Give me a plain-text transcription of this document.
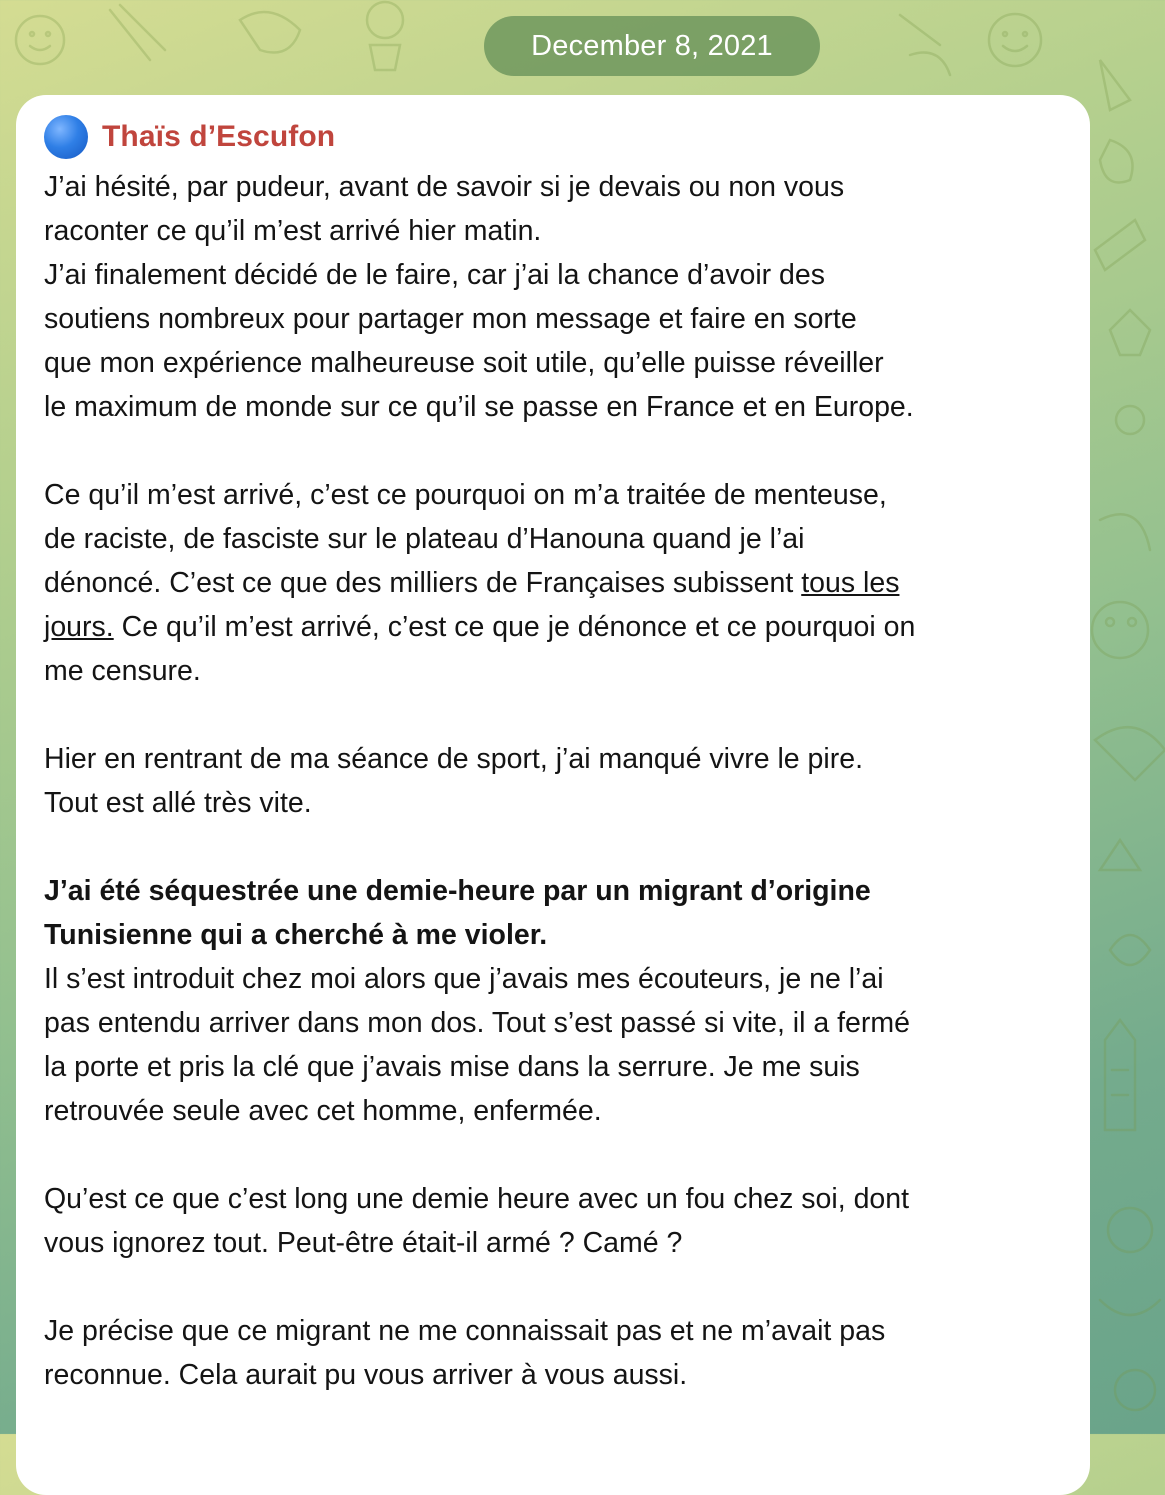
December 8, 2021
Thaïs d’Escufon

J’ai hésité, par pudeur, avant de savoir si je devais ou non vous

raconter ce qu’il m’est arrivé hier matin.

J’ai finalement décidé de le faire, car j’ai la chance d’avoir des

soutiens nombreux pour partager mon message et faire en sorte

que mon expérience malheureuse soit utile, qu’elle puisse réveiller

le maximum de monde sur ce qu’il se passe en France et en Europe.

Ce qu’il m’est arrivé, c’est ce pourquoi on m’a traitée de menteuse,

de raciste, de fasciste sur le plateau d’Hanouna quand je l’ai

dénoncé. C’est ce que des milliers de Françaises subissent tous les

jours. Ce qu’il m’est arrivé, c’est ce que je dénonce et ce pourquoi on

me censure.

Hier en rentrant de ma séance de sport, j’ai manqué vivre le pire.

Tout est allé très vite.

J’ai été séquestrée une demie-heure par un migrant d’origine

Tunisienne qui a cherché à me violer.

Il s’est introduit chez moi alors que j’avais mes écouteurs, je ne l’ai

pas entendu arriver dans mon dos. Tout s’est passé si vite, il a fermé

la porte et pris la clé que j’avais mise dans la serrure. Je me suis

retrouvée seule avec cet homme, enfermée.

Qu’est ce que c’est long une demie heure avec un fou chez soi, dont

vous ignorez tout. Peut-être était-il armé ? Camé ?

Je précise que ce migrant ne me connaissait pas et ne m’avait pas

reconnue. Cela aurait pu vous arriver à vous aussi.
